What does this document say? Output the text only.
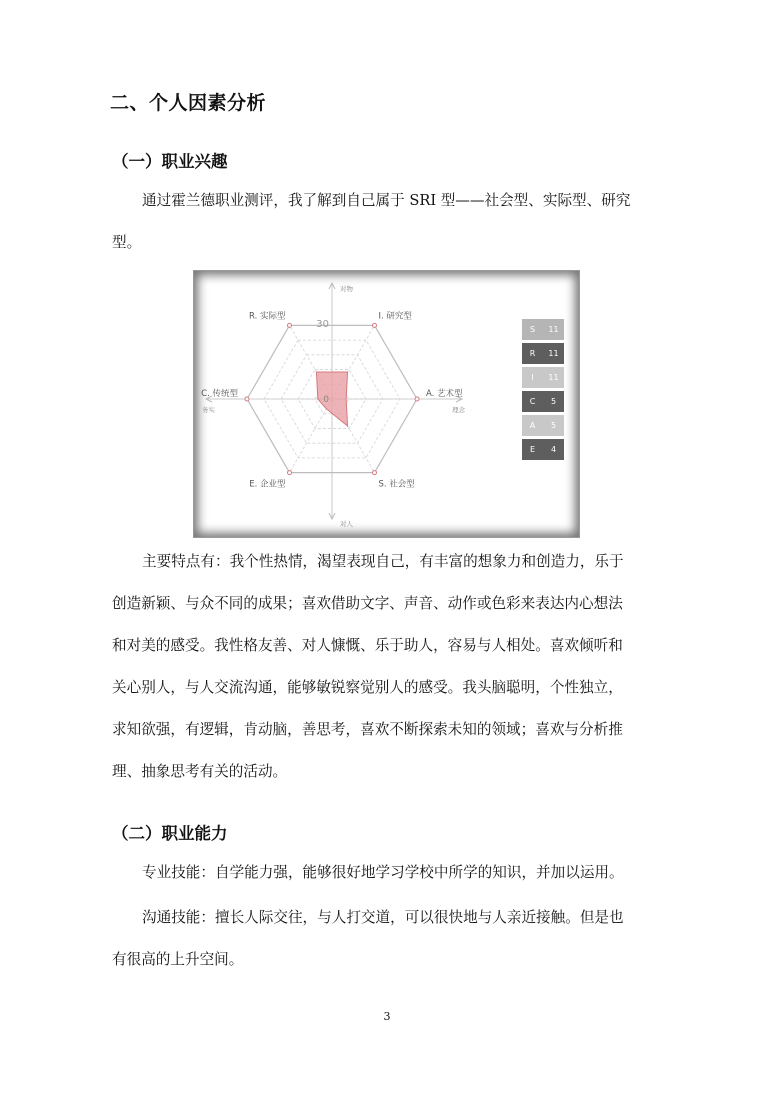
二、个人因素分析
（一）职业兴趣
通过霍兰德职业测评，我了解到自己属于 SRI 型——社会型、实际型、研究
型。
R. 实际型	I. 研究型
A. 艺术型
S. 社会型
E. 企业型
C. 传统型
30
0
对物
对人
务实	理念
S	11
R	11
I	11
C	5
A	5
E	4
主要特点有：我个性热情，渴望表现自己，有丰富的想象力和创造力，乐于
创造新颖、与众不同的成果；喜欢借助文字、声音、动作或色彩来表达内心想法
和对美的感受。我性格友善、对人慷慨、乐于助人，容易与人相处。喜欢倾听和
关心别人，与人交流沟通，能够敏锐察觉别人的感受。我头脑聪明，个性独立，
求知欲强，有逻辑，肯动脑，善思考，喜欢不断探索未知的领域；喜欢与分析推
理、抽象思考有关的活动。
（二）职业能力
专业技能：自学能力强，能够很好地学习学校中所学的知识，并加以运用。
沟通技能：擅长人际交往，与人打交道，可以很快地与人亲近接触。但是也
有很高的上升空间。
3
